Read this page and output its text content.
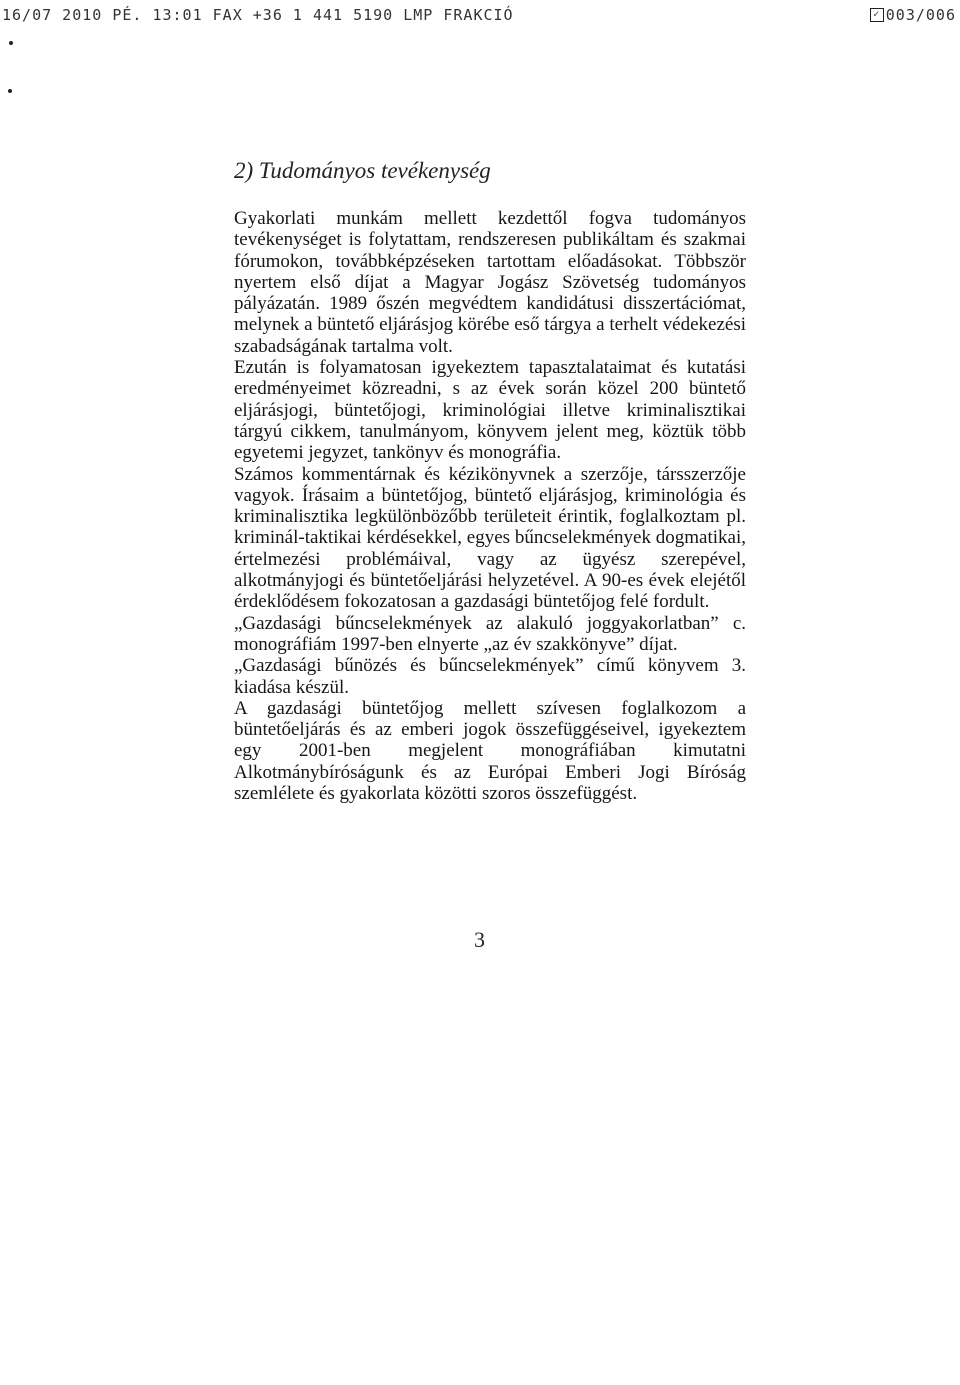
16/07 2010 PÉ. 13:01 FAX +36 1 441 5190 LMP FRAKCIÓ	✓ 003/006
2) Tudományos tevékenység

Gyakorlati munkám mellett kezdettől fogva tudományos tevékenységet is folytattam, rendszeresen publikáltam és szakmai fórumokon, továbbképzéseken tartottam előadásokat. Többször nyertem első díjat a Magyar Jogász Szövetség tudományos pályázatán. 1989 őszén megvédtem kandidátusi disszertációmat, melynek a büntető eljárásjog körébe eső tárgya a terhelt védekezési szabadságának tartalma volt.

Ezután is folyamatosan igyekeztem tapasztalataimat és kutatási eredményeimet közreadni, s az évek során közel 200 büntető eljárásjogi, büntetőjogi, kriminológiai illetve kriminalisztikai tárgyú cikkem, tanulmányom, könyvem jelent meg, köztük több egyetemi jegyzet, tankönyv és monográfia.

Számos kommentárnak és kézikönyvnek a szerzője, társszerzője vagyok. Írásaim a büntetőjog, büntető eljárásjog, kriminológia és kriminalisztika legkülönbözőbb területeit érintik, foglalkoztam pl. kriminál-taktikai kérdésekkel, egyes bűncselekmények dogmatikai, értelmezési problémáival, vagy az ügyész szerepével, alkotmányjogi és büntetőeljárási helyzetével. A 90-es évek elejétől érdeklődésem fokozatosan a gazdasági büntetőjog felé fordult.

„Gazdasági bűncselekmények az alakuló joggyakorlatban” c. monográfiám 1997-ben elnyerte „az év szakkönyve” díjat.

„Gazdasági bűnözés és bűncselekmények” című könyvem 3. kiadása készül.

A gazdasági büntetőjog mellett szívesen foglalkozom a büntetőeljárás és az emberi jogok összefüggéseivel, igyekeztem egy 2001-ben megjelent monográfiában kimutatni Alkotmánybíróságunk és az Európai Emberi Jogi Bíróság szemlélete és gyakorlata közötti szoros összefüggést.

3
